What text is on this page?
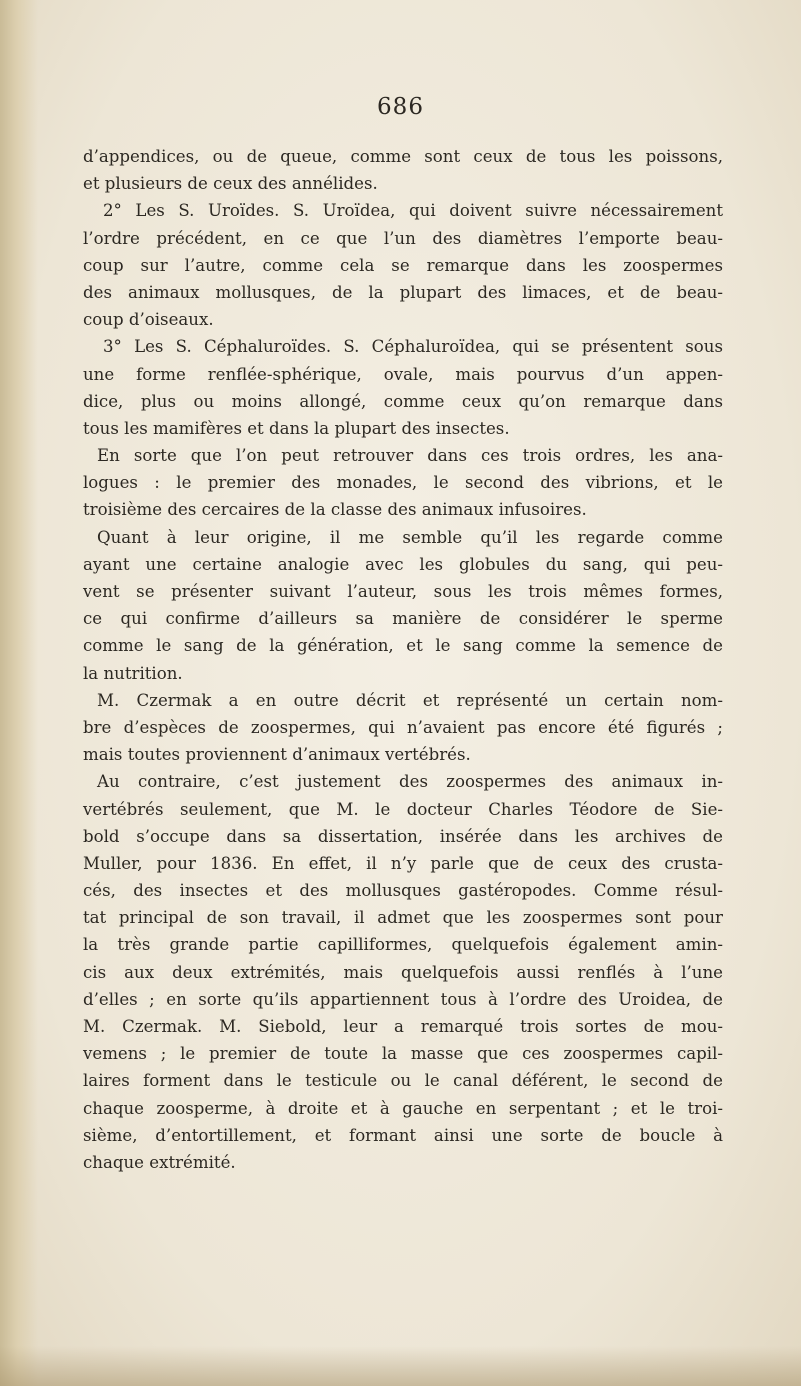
686
d’appendices, ou de queue, comme sont ceux de tous les poissons,
et plusieurs de ceux des annélides.
2° Les S. Uroïdes. S. Uroïdea, qui doivent suivre nécessairement
l’ordre précédent, en ce que l’un des diamètres l’emporte beau-
coup sur l’autre, comme cela se remarque dans les zoospermes
des animaux mollusques, de la plupart des limaces, et de beau-
coup d’oiseaux.
3° Les S. Céphaluroïdes. S. Céphaluroïdea, qui se présentent sous
une forme renflée-sphérique, ovale, mais pourvus d’un appen-
dice, plus ou moins allongé, comme ceux qu’on remarque dans
tous les mamifères et dans la plupart des insectes.
En sorte que l’on peut retrouver dans ces trois ordres, les ana-
logues : le premier des monades, le second des vibrions, et le
troisième des cercaires de la classe des animaux infusoires.
Quant à leur origine, il me semble qu’il les regarde comme
ayant une certaine analogie avec les globules du sang, qui peu-
vent se présenter suivant l’auteur, sous les trois mêmes formes,
ce qui confirme d’ailleurs sa manière de considérer le sperme
comme le sang de la génération, et le sang comme la semence de
la nutrition.
M. Czermak a en outre décrit et représenté un certain nom-
bre d’espèces de zoospermes, qui n’avaient pas encore été figurés ;
mais toutes proviennent d’animaux vertébrés.
Au contraire, c’est justement des zoospermes des animaux in-
vertébrés seulement, que M. le docteur Charles Téodore de Sie-
bold s’occupe dans sa dissertation, insérée dans les archives de
Muller, pour 1836. En effet, il n’y parle que de ceux des crusta-
cés, des insectes et des mollusques gastéropodes. Comme résul-
tat principal de son travail, il admet que les zoospermes sont pour
la très grande partie capilliformes, quelquefois également amin-
cis aux deux extrémités, mais quelquefois aussi renflés à l’une
d’elles ; en sorte qu’ils appartiennent tous à l’ordre des Uroidea, de
M. Czermak. M. Siebold, leur a remarqué trois sortes de mou-
vemens ; le premier de toute la masse que ces zoospermes capil-
laires forment dans le testicule ou le canal déférent, le second de
chaque zoosperme, à droite et à gauche en serpentant ; et le troi-
sième, d’entortillement, et formant ainsi une sorte de boucle à
chaque extrémité.
